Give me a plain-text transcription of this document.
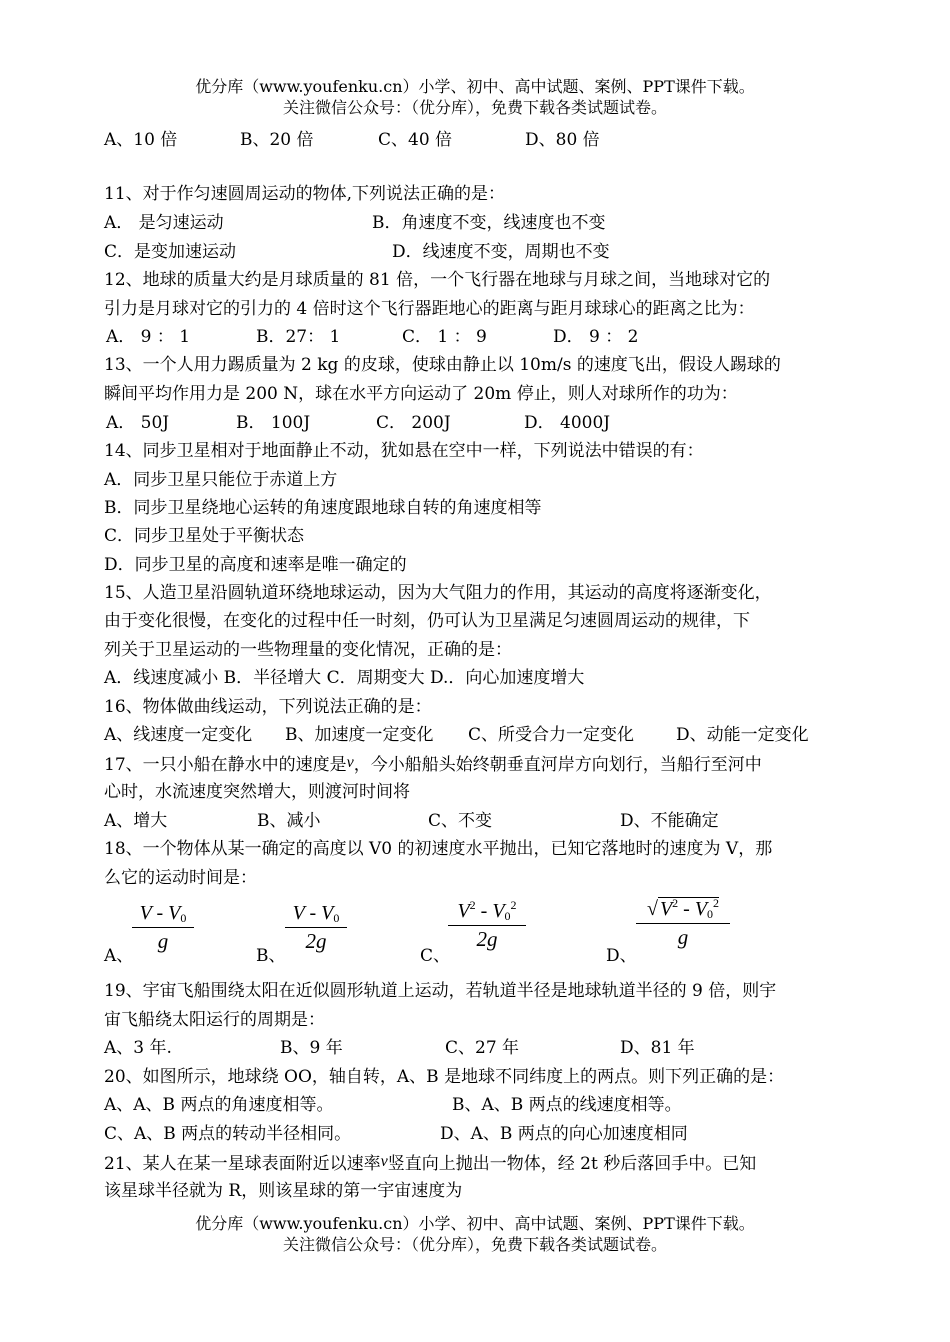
优分库（www.youfenku.cn）小学、初中、高中试题、案例、PPT课件下载。
关注微信公众号：（优分库），免费下载各类试题试卷。
A、10 倍	B、20 倍	C、40 倍	D、80 倍
11、对于作匀速圆周运动的物体,下列说法正确的是：
A． 是匀速运动	B．角速度不变，线速度也不变
C．是变加速运动	D．线速度不变，周期也不变
12、地球的质量大约是月球质量的 81 倍，一个飞行器在地球与月球之间，当地球对它的
引力是月球对它的引力的 4 倍时这个飞行器距地心的距离与距月球球心的距离之比为：
A． 9 ： 1	B．27： 1	C． 1 ： 9	D． 9 ： 2
13、一个人用力踢质量为 2 kg 的皮球，使球由静止以 10m/s 的速度飞出，假设人踢球的
瞬间平均作用力是 200 N，球在水平方向运动了 20m 停止，则人对球所作的功为：
A． 50J	B． 100J	C． 200J	D． 4000J
14、同步卫星相对于地面静止不动，犹如悬在空中一样，下列说法中错误的有：
A．同步卫星只能位于赤道上方
B．同步卫星绕地心运转的角速度跟地球自转的角速度相等
C．同步卫星处于平衡状态
D．同步卫星的高度和速率是唯一确定的
15、人造卫星沿圆轨道环绕地球运动，因为大气阻力的作用，其运动的高度将逐渐变化，
由于变化很慢，在变化的过程中任一时刻，仍可认为卫星满足匀速圆周运动的规律，下
列关于卫星运动的一些物理量的变化情况，正确的是：
A．线速度减小 B．半径增大 C．周期变大 D.．向心加速度增大
16、物体做曲线运动，下列说法正确的是：
A、线速度一定变化 B、加速度一定变化 C、所受合力一定变化 D、动能一定变化
17、一只小船在静水中的速度是v，今小船船头始终朝垂直河岸方向划行，当船行至河中
心时，水流速度突然增大，则渡河时间将
A、增大	B、减小	C、不变	D、不能确定
18、一个物体从某一确定的高度以 V0 的初速度水平抛出，已知它落地时的速度为 V，那
么它的运动时间是：
A、
V - $V_0$
g
B、
V - $V_0$
2g
C、
$V^2 - V_0^2$
2g
D、
√ $V^2 - V_0^2$
g
19、宇宙飞船围绕太阳在近似圆形轨道上运动，若轨道半径是地球轨道半径的 9 倍，则宇
宙飞船绕太阳运行的周期是：
A、3 年.	B、9 年	C、27 年	D、81 年
20、如图所示，地球绕 OO，轴自转，A、B 是地球不同纬度上的两点。则下列正确的是：
A、A、B 两点的角速度相等。	B、A、B 两点的线速度相等。
C、A、B 两点的转动半径相同。	D、A、B 两点的向心加速度相同
21、某人在某一星球表面附近以速率v竖直向上抛出一物体，经 2t 秒后落回手中。已知
该星球半径就为 R，则该星球的第一宇宙速度为
优分库（www.youfenku.cn）小学、初中、高中试题、案例、PPT课件下载。
关注微信公众号：（优分库），免费下载各类试题试卷。
